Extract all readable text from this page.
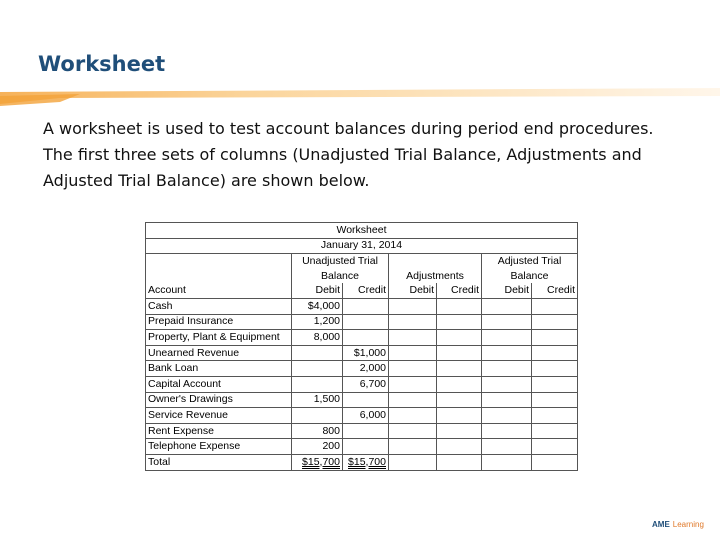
Worksheet

A worksheet is used to test account balances during period end procedures.

The first three sets of columns (Unadjusted Trial Balance, Adjustments and Adjusted Trial Balance) are shown below.

Worksheet						
January 31, 2014						
	Unadjusted Trial				Adjusted Trial	
	Balance		Adjustments		Balance	
Account	Debit	Credit	Debit	Credit	Debit	Credit
Cash	$4,000					
Prepaid Insurance	1,200					
Property, Plant & Equipment	8,000					
Unearned Revenue		$1,000				
Bank Loan		2,000				
Capital Account		6,700				
Owner's Drawings	1,500					
Service Revenue		6,000				
Rent Expense	800					
Telephone Expense	200					
Total	$15,700	$15,700				
AME Learning
